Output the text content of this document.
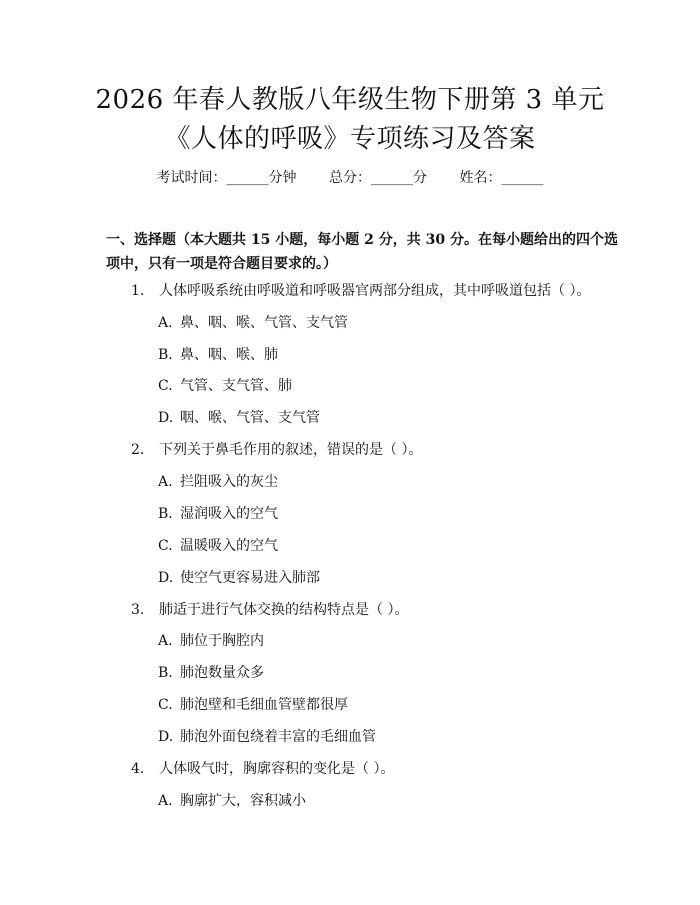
2026 年春人教版八年级生物下册第 3 单元
《人体的呼吸》专项练习及答案
考试时间：______分钟 总分：______分 姓名：______
一、选择题（本大题共 15 小题，每小题 2 分，共 30 分。在每小题给出的四个选项中，只有一项是符合题目要求的。）
1. 人体呼吸系统由呼吸道和呼吸器官两部分组成，其中呼吸道包括（ ）。
A. 鼻、咽、喉、气管、支气管
B. 鼻、咽、喉、肺
C. 气管、支气管、肺
D. 咽、喉、气管、支气管
2. 下列关于鼻毛作用的叙述，错误的是（ ）。
A. 拦阻吸入的灰尘
B. 湿润吸入的空气
C. 温暖吸入的空气
D. 使空气更容易进入肺部
3. 肺适于进行气体交换的结构特点是（ ）。
A. 肺位于胸腔内
B. 肺泡数量众多
C. 肺泡壁和毛细血管壁都很厚
D. 肺泡外面包绕着丰富的毛细血管
4. 人体吸气时，胸廓容积的变化是（ ）。
A. 胸廓扩大，容积减小
